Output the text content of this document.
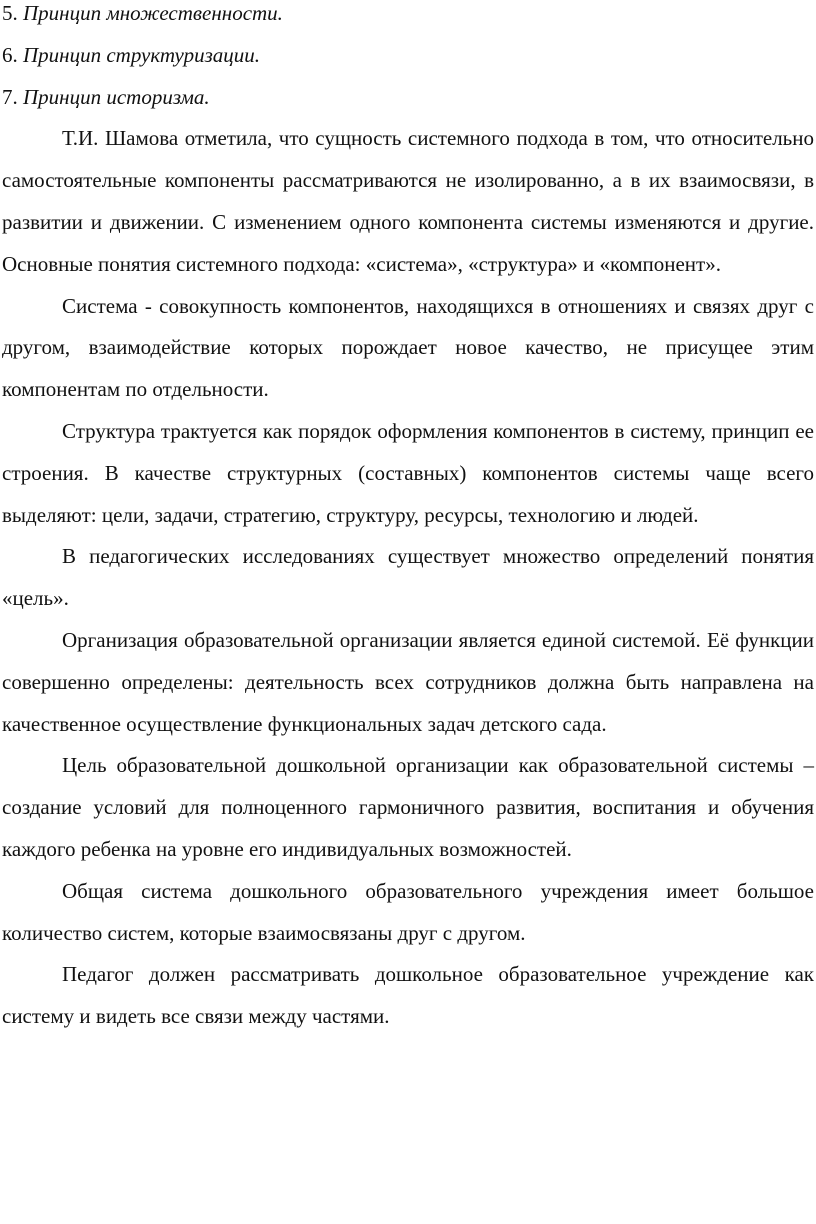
5. Принцип множественности.
6. Принцип структуризации.
7. Принцип историзма.

Т.И. Шамова отметила, что сущность системного подхода в том, что относительно самостоятельные компоненты рассматриваются не изолированно, а в их взаимосвязи, в развитии и движении. С изменением одного компонента системы изменяются и другие. Основные понятия системного подхода: «система», «структура» и «компонент».

Система - совокупность компонентов, находящихся в отношениях и связях друг с другом, взаимодействие которых порождает новое качество, не присущее этим компонентам по отдельности.

Структура трактуется как порядок оформления компонентов в систему, принцип ее строения. В качестве структурных (составных) компонентов системы чаще всего выделяют: цели, задачи, стратегию, структуру, ресурсы, технологию и людей.

В педагогических исследованиях существует множество определений понятия «цель».

Организация образовательной организации является единой системой. Её функции совершенно определены: деятельность всех сотрудников должна быть направлена на качественное осуществление функциональных задач детского сада.

Цель образовательной дошкольной организации как образовательной системы – создание условий для полноценного гармоничного развития, воспитания и обучения каждого ребенка на уровне его индивидуальных возможностей.

Общая система дошкольного образовательного учреждения имеет большое количество систем, которые взаимосвязаны друг с другом.

Педагог должен рассматривать дошкольное образовательное учреждение как систему и видеть все связи между частями.
